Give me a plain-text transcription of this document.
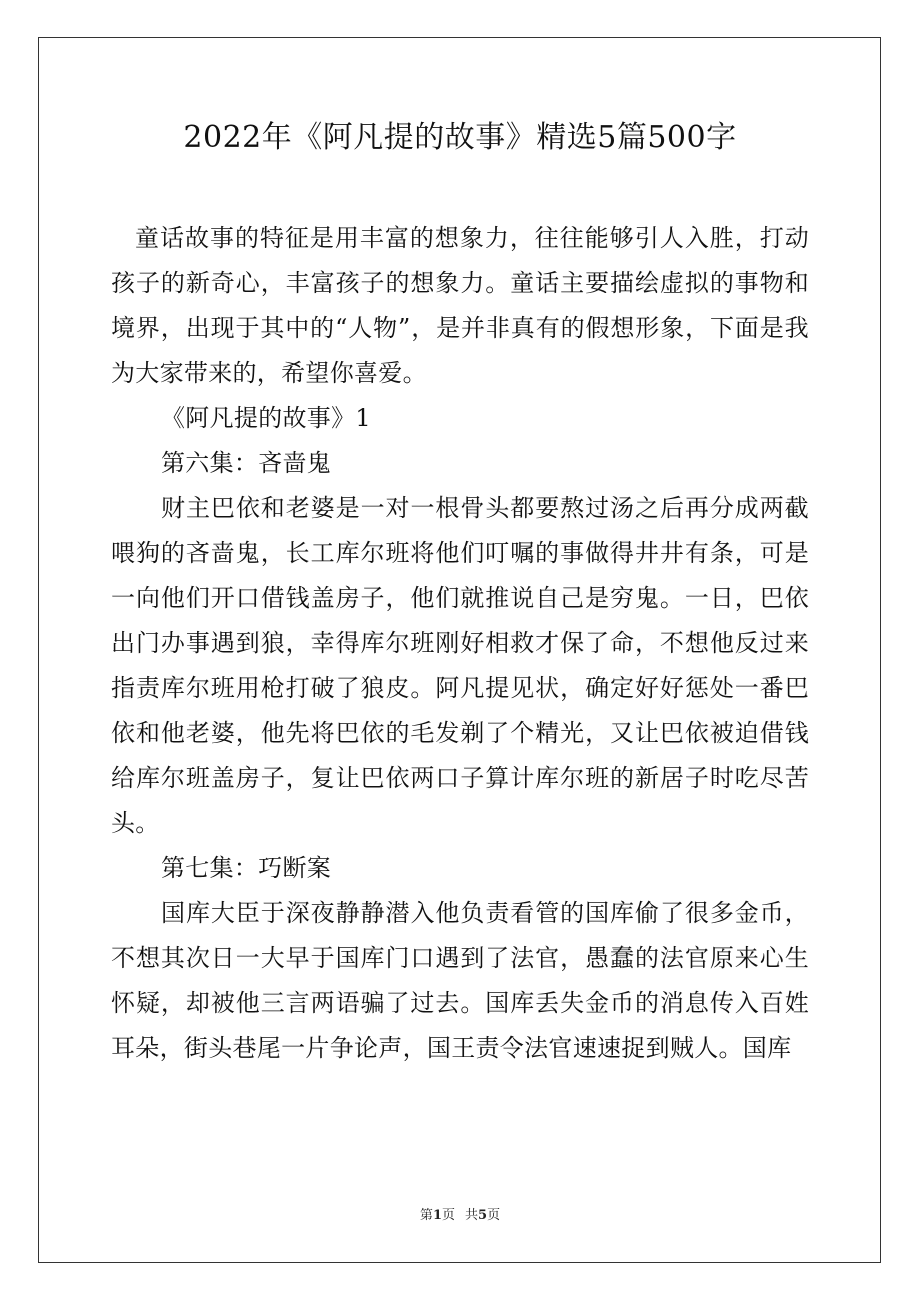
2022年《阿凡提的故事》精选5篇500字

童话故事的特征是用丰富的想象力，往往能够引人入胜，打动孩子的新奇心，丰富孩子的想象力。童话主要描绘虚拟的事物和境界，出现于其中的“人物”，是并非真有的假想形象，下面是我为大家带来的，希望你喜爱。

《阿凡提的故事》1

第六集：吝啬鬼

财主巴依和老婆是一对一根骨头都要熬过汤之后再分成两截喂狗的吝啬鬼，长工库尔班将他们叮嘱的事做得井井有条，可是一向他们开口借钱盖房子，他们就推说自己是穷鬼。一日，巴依出门办事遇到狼，幸得库尔班刚好相救才保了命，不想他反过来指责库尔班用枪打破了狼皮。阿凡提见状，确定好好惩处一番巴依和他老婆，他先将巴依的毛发剃了个精光，又让巴依被迫借钱给库尔班盖房子，复让巴依两口子算计库尔班的新居子时吃尽苦头。

第七集：巧断案

国库大臣于深夜静静潜入他负责看管的国库偷了很多金币，不想其次日一大早于国库门口遇到了法官，愚蠢的法官原来心生怀疑，却被他三言两语骗了过去。国库丢失金币的消息传入百姓耳朵，街头巷尾一片争论声，国王责令法官速速捉到贼人。国库

第1页 共5页
